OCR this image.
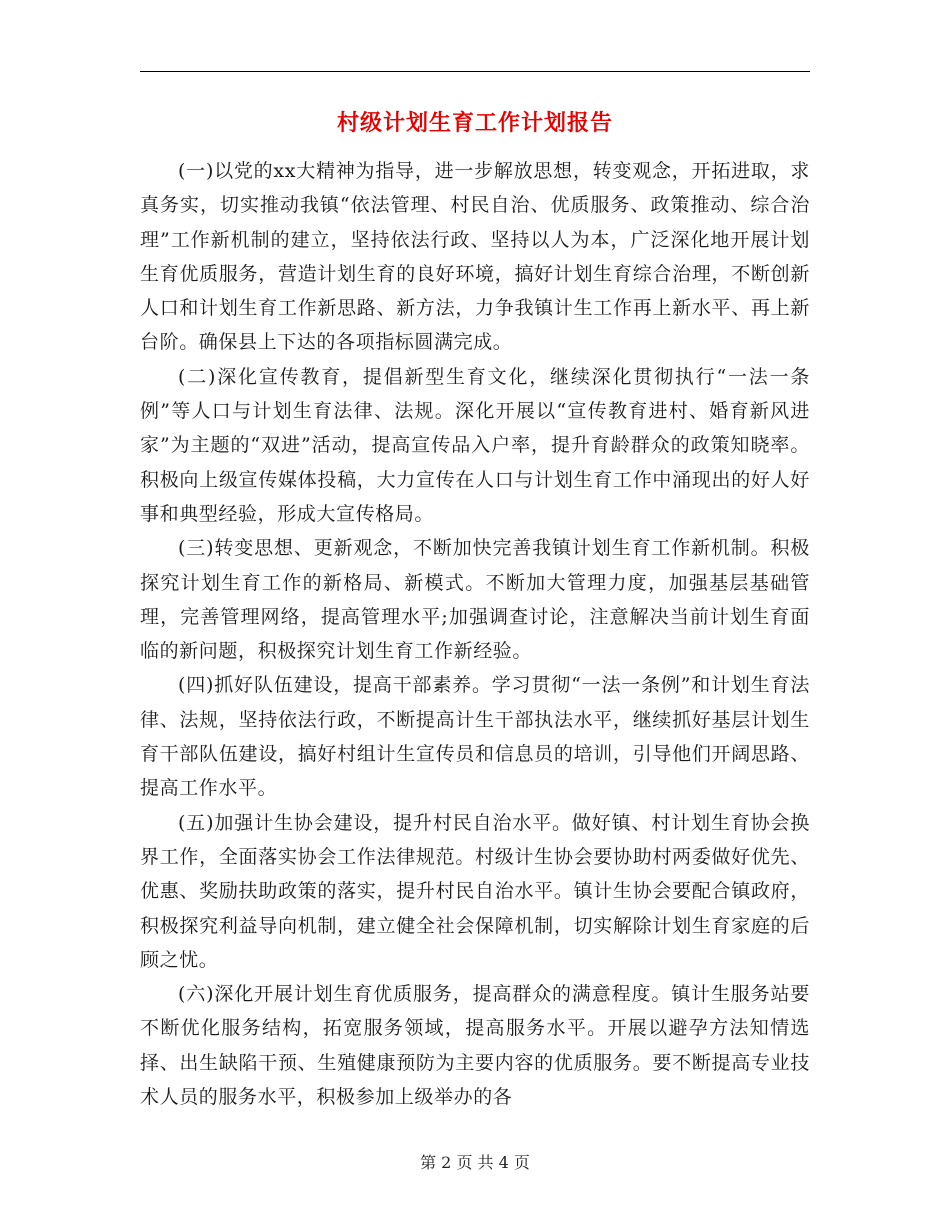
村级计划生育工作计划报告

(一)以党的xx大精神为指导，进一步解放思想，转变观念，开拓进取，求真务实，切实推动我镇“依法管理、村民自治、优质服务、政策推动、综合治理”工作新机制的建立，坚持依法行政、坚持以人为本，广泛深化地开展计划生育优质服务，营造计划生育的良好环境，搞好计划生育综合治理，不断创新人口和计划生育工作新思路、新方法，力争我镇计生工作再上新水平、再上新台阶。确保县上下达的各项指标圆满完成。

(二)深化宣传教育，提倡新型生育文化，继续深化贯彻执行“一法一条例”等人口与计划生育法律、法规。深化开展以“宣传教育进村、婚育新风进家”为主题的“双进”活动，提高宣传品入户率，提升育龄群众的政策知晓率。积极向上级宣传媒体投稿，大力宣传在人口与计划生育工作中涌现出的好人好事和典型经验，形成大宣传格局。

(三)转变思想、更新观念，不断加快完善我镇计划生育工作新机制。积极探究计划生育工作的新格局、新模式。不断加大管理力度，加强基层基础管理，完善管理网络，提高管理水平;加强调查讨论，注意解决当前计划生育面临的新问题，积极探究计划生育工作新经验。

(四)抓好队伍建设，提高干部素养。学习贯彻“一法一条例”和计划生育法律、法规，坚持依法行政，不断提高计生干部执法水平，继续抓好基层计划生育干部队伍建设，搞好村组计生宣传员和信息员的培训，引导他们开阔思路、提高工作水平。

(五)加强计生协会建设，提升村民自治水平。做好镇、村计划生育协会换界工作，全面落实协会工作法律规范。村级计生协会要协助村两委做好优先、优惠、奖励扶助政策的落实，提升村民自治水平。镇计生协会要配合镇政府，积极探究利益导向机制，建立健全社会保障机制，切实解除计划生育家庭的后顾之忧。

(六)深化开展计划生育优质服务，提高群众的满意程度。镇计生服务站要不断优化服务结构，拓宽服务领域，提高服务水平。开展以避孕方法知情选择、出生缺陷干预、生殖健康预防为主要内容的优质服务。要不断提高专业技术人员的服务水平，积极参加上级举办的各

第 2 页 共 4 页
